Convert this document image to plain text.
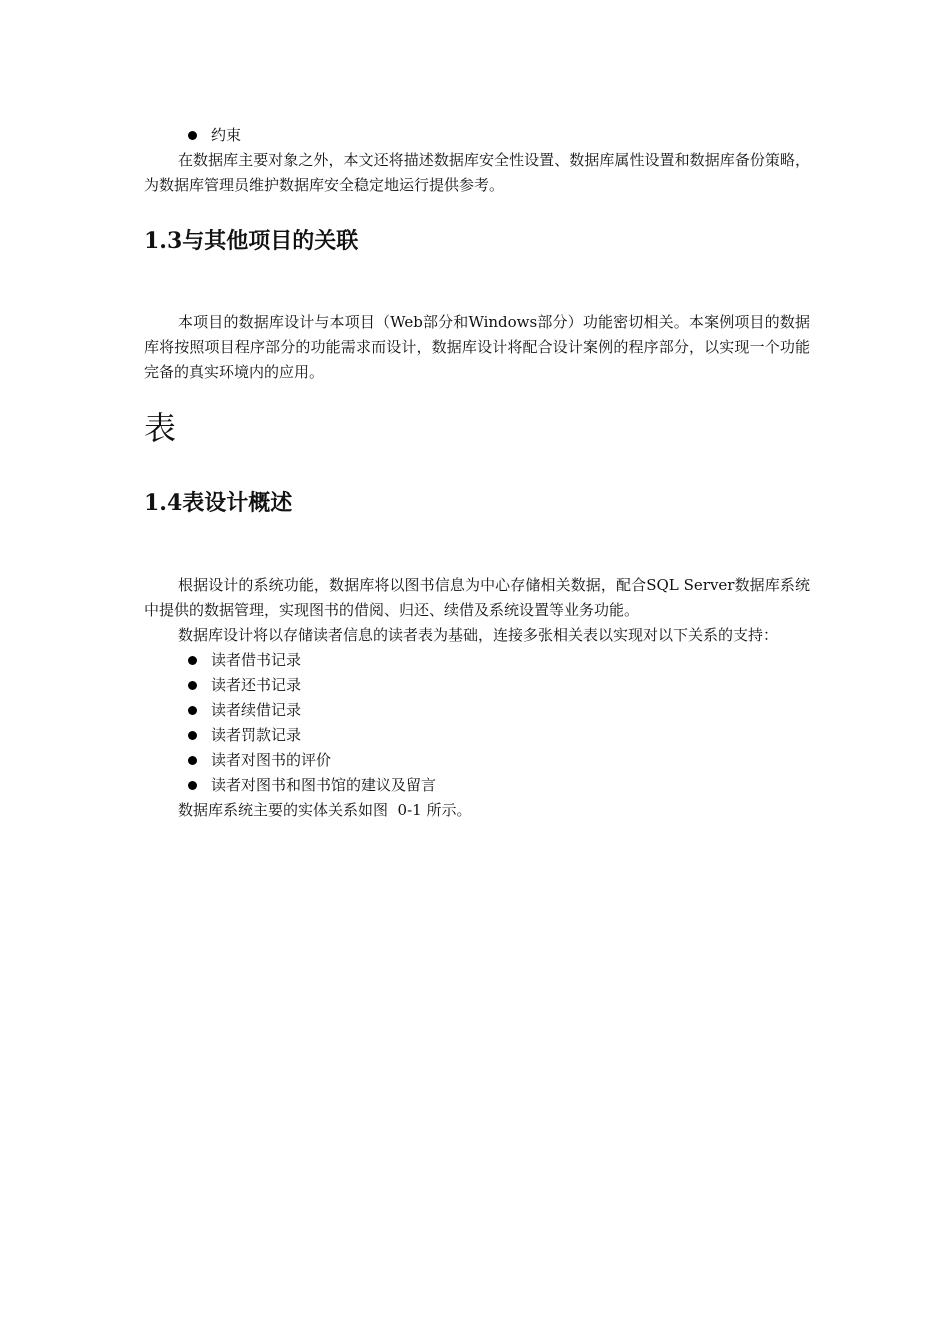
约束

在数据库主要对象之外，本文还将描述数据库安全性设置、数据库属性设置和数据库备份策略，为数据库管理员维护数据库安全稳定地运行提供参考。

1.3与其他项目的关联

本项目的数据库设计与本项目（Web部分和Windows部分）功能密切相关。本案例项目的数据库将按照项目程序部分的功能需求而设计，数据库设计将配合设计案例的程序部分，以实现一个功能完备的真实环境内的应用。

表
1.4表设计概述

根据设计的系统功能，数据库将以图书信息为中心存储相关数据，配合SQL Server数据库系统中提供的数据管理，实现图书的借阅、归还、续借及系统设置等业务功能。

数据库设计将以存储读者信息的读者表为基础，连接多张相关表以实现对以下关系的支持：

读者借书记录
读者还书记录
读者续借记录
读者罚款记录
读者对图书的评价
读者对图书和图书馆的建议及留言

数据库系统主要的实体关系如图  0-1 所示。
